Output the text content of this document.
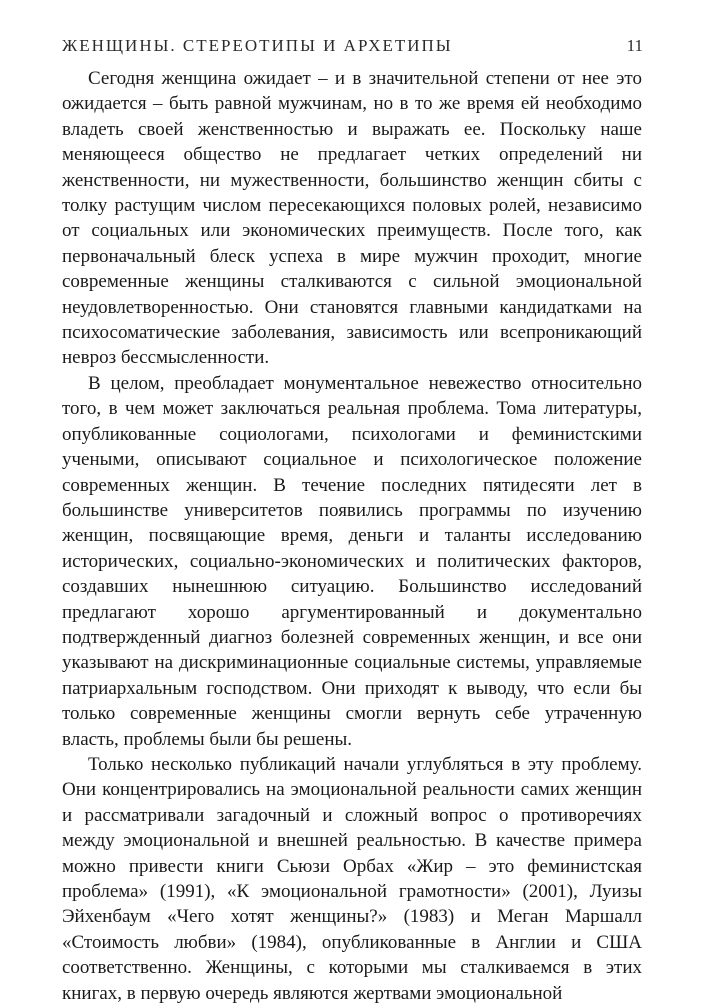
ЖЕНЩИНЫ. СТЕРЕОТИПЫ И АРХЕТИПЫ	11

Сегодня женщина ожидает – и в значительной степени от нее это ожидается – быть равной мужчинам, но в то же время ей необходимо владеть своей женственностью и выражать ее. Поскольку наше меняющееся общество не предлагает четких определений ни женственности, ни мужественности, большинство женщин сбиты с толку растущим числом пересекающихся половых ролей, независимо от социальных или экономических преимуществ. После того, как первоначальный блеск успеха в мире мужчин проходит, многие современные женщины сталкиваются с сильной эмоциональной неудовлетворенностью. Они становятся главными кандидатками на психосоматические заболевания, зависимость или всепроникающий невроз бессмысленности.

В целом, преобладает монументальное невежество относительно того, в чем может заключаться реальная проблема. Тома литературы, опубликованные социологами, психологами и феминистскими учеными, описывают социальное и психологическое положение современных женщин. В течение последних пятидесяти лет в большинстве университетов появились программы по изучению женщин, посвящающие время, деньги и таланты исследованию исторических, социально-экономических и политических факторов, создавших нынешнюю ситуацию. Большинство исследований предлагают хорошо аргументированный и документально подтвержденный диагноз болезней современных женщин, и все они указывают на дискриминационные социальные системы, управляемые патриархальным господством. Они приходят к выводу, что если бы только современные женщины смогли вернуть себе утраченную власть, проблемы были бы решены.

Только несколько публикаций начали углубляться в эту проблему. Они концентрировались на эмоциональной реальности самих женщин и рассматривали загадочный и сложный вопрос о противоречиях между эмоциональной и внешней реальностью. В качестве примера можно привести книги Сьюзи Орбах «Жир – это феминистская проблема» (1991), «К эмоциональной грамотности» (2001), Луизы Эйхенбаум «Чего хотят женщины?» (1983) и Меган Маршалл «Стоимость любви» (1984), опубликованные в Англии и США соответственно. Женщины, с которыми мы сталкиваемся в этих книгах, в первую очередь являются жертвами эмоциональной
